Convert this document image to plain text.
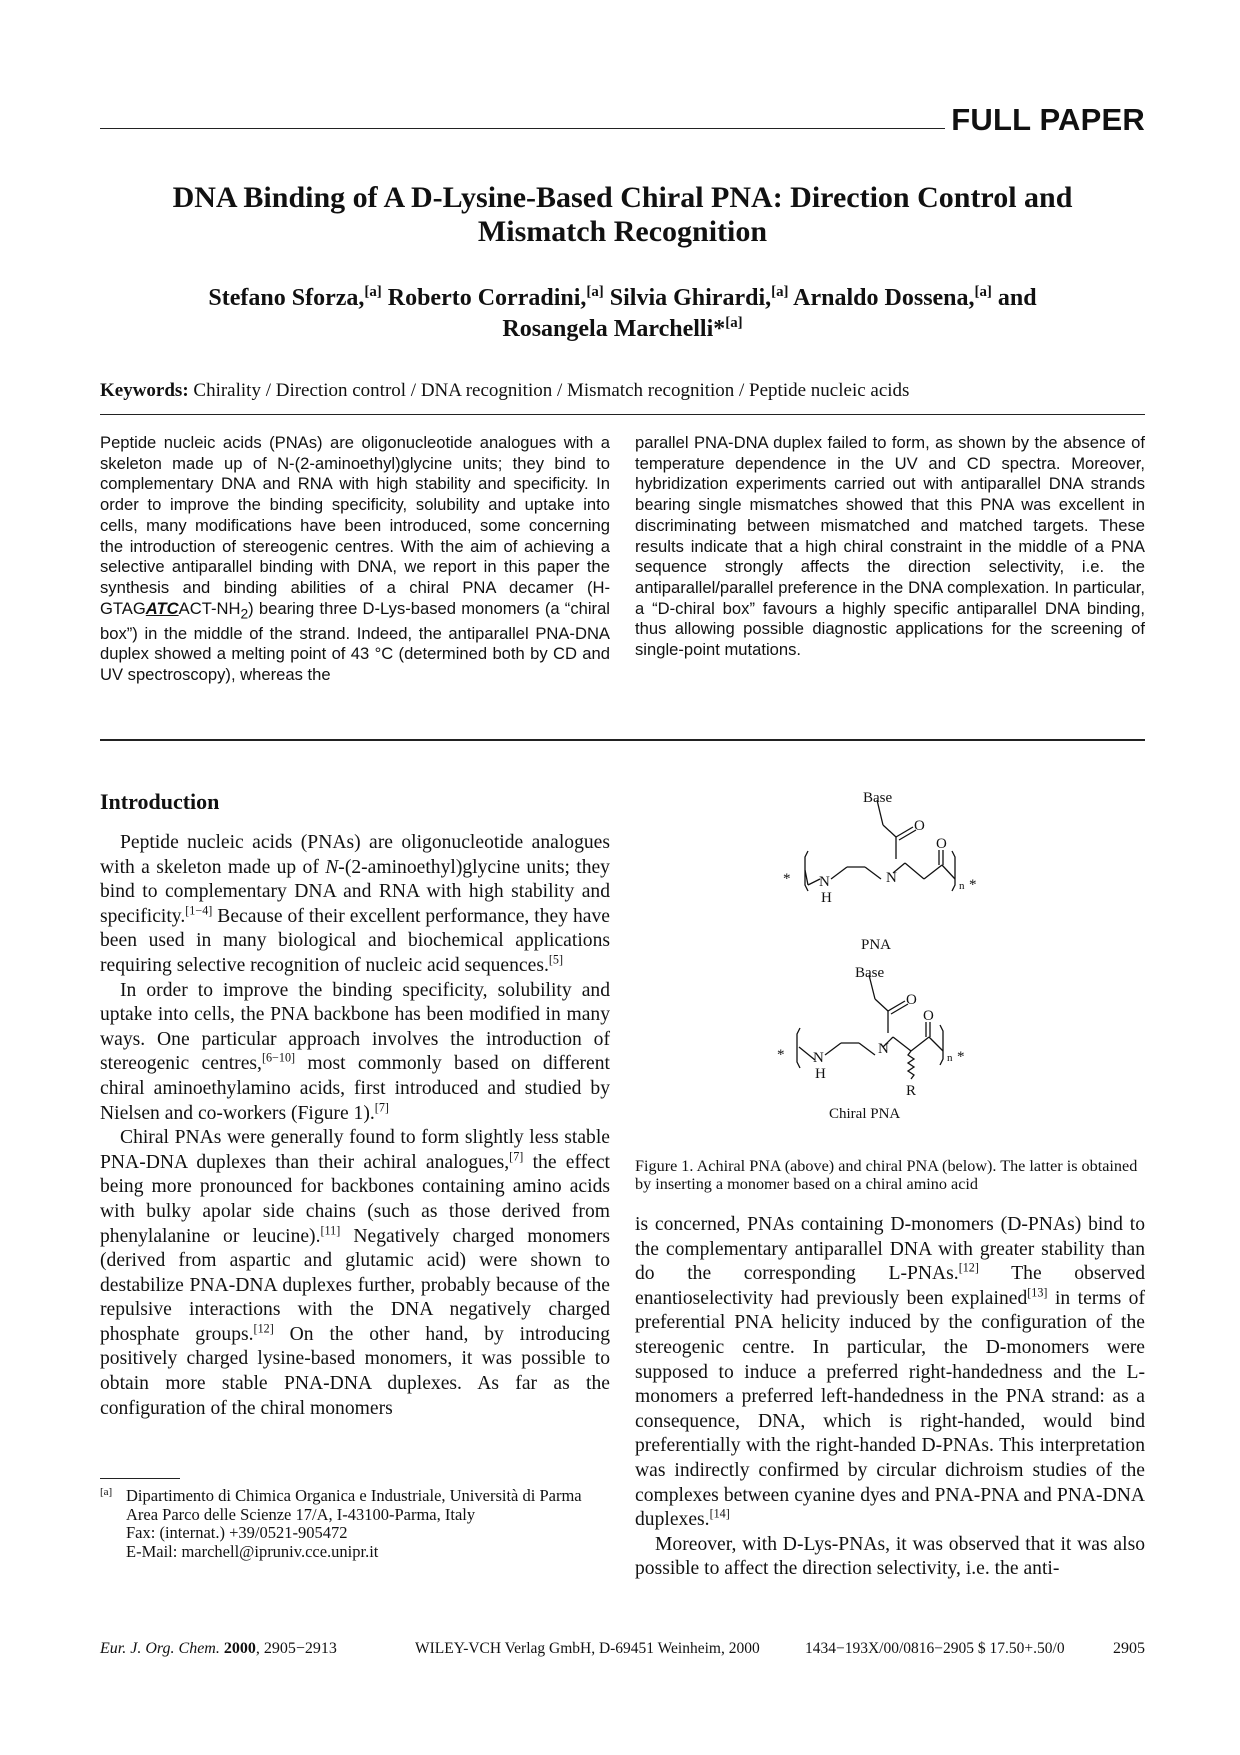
FULL PAPER
DNA Binding of A D-Lysine-Based Chiral PNA: Direction Control and
Mismatch Recognition
Stefano Sforza,[a] Roberto Corradini,[a] Silvia Ghirardi,[a] Arnaldo Dossena,[a] and
Rosangela Marchelli*[a]
Keywords: Chirality / Direction control / DNA recognition / Mismatch recognition / Peptide nucleic acids

Peptide nucleic acids (PNAs) are oligonucleotide analogues with a skeleton made up of N-(2-aminoethyl)glycine units; they bind to complementary DNA and RNA with high stability and specificity. In order to improve the binding specificity, solubility and uptake into cells, many modifications have been introduced, some concerning the introduction of stereogenic centres. With the aim of achieving a selective antiparallel binding with DNA, we report in this paper the synthesis and binding abilities of a chiral PNA decamer $(H-GTAGATCACT-NH_2)$ bearing three D-Lys-based monomers (a “chiral box”) in the middle of the strand. Indeed, the antiparallel PNA-DNA duplex showed a melting point of 43 °C (determined both by CD and UV spectroscopy), whereas the

parallel PNA-DNA duplex failed to form, as shown by the absence of temperature dependence in the UV and CD spectra. Moreover, hybridization experiments carried out with antiparallel DNA strands bearing single mismatches showed that this PNA was excellent in discriminating between mismatched and matched targets. These results indicate that a high chiral constraint in the middle of a PNA sequence strongly affects the direction selectivity, i.e. the antiparallel/parallel preference in the DNA complexation. In particular, a “D-chiral box” favours a highly specific antiparallel DNA binding, thus allowing possible diagnostic applications for the screening of single-point mutations.

Introduction

Peptide nucleic acids (PNAs) are oligonucleotide analogues with a skeleton made up of N-(2-aminoethyl)glycine units; they bind to complementary DNA and RNA with high stability and specificity.[1−4] Because of their excellent performance, they have been used in many biological and biochemical applications requiring selective recognition of nucleic acid sequences.[5]

In order to improve the binding specificity, solubility and uptake into cells, the PNA backbone has been modified in many ways. One particular approach involves the introduction of stereogenic centres,[6−10] most commonly based on different chiral aminoethylamino acids, first introduced and studied by Nielsen and co-workers (Figure 1).[7]

Chiral PNAs were generally found to form slightly less stable PNA-DNA duplexes than their achiral analogues,[7] the effect being more pronounced for backbones containing amino acids with bulky apolar side chains (such as those derived from phenylalanine or leucine).[11] Negatively charged monomers (derived from aspartic and glutamic acid) were shown to destabilize PNA-DNA duplexes further, probably because of the repulsive interactions with the DNA negatively charged phosphate groups.[12] On the other hand, by introducing positively charged lysine-based monomers, it was possible to obtain more stable PNA-DNA duplexes. As far as the configuration of the chiral monomers

is concerned, PNAs containing D-monomers (D-PNAs) bind to the complementary antiparallel DNA with greater stability than do the corresponding L-PNAs.[12] The observed enantioselectivity had previously been explained[13] in terms of preferential PNA helicity induced by the configuration of the stereogenic centre. In particular, the D-monomers were supposed to induce a preferred right-handedness and the L-monomers a preferred left-handedness in the PNA strand: as a consequence, DNA, which is right-handed, would bind preferentially with the right-handed D-PNAs. This interpretation was indirectly confirmed by circular dichroism studies of the complexes between cyanine dyes and PNA-PNA and PNA-DNA duplexes.[14]

Moreover, with D-Lys-PNAs, it was observed that it was also possible to affect the direction selectivity, i.e. the anti-

* N
H
N
O
O
n *
Base
PNA
* N
H
N
O
O
R
n *
Base
Chiral PNA
Figure 1. Achiral PNA (above) and chiral PNA (below). The latter is obtained by inserting a monomer based on a chiral amino acid
[a] Dipartimento di Chimica Organica e Industriale, Università di Parma
Area Parco delle Scienze 17/A, I-43100-Parma, Italy
Fax: (internat.) +39/0521-905472
E-Mail: marchell@ipruniv.cce.unipr.it
Eur. J. Org. Chem. 2000, 2905−2913	WILEY-VCH Verlag GmbH, D-69451 Weinheim, 2000	1434−193X/00/0816−2905 $ 17.50+.50/0	2905
